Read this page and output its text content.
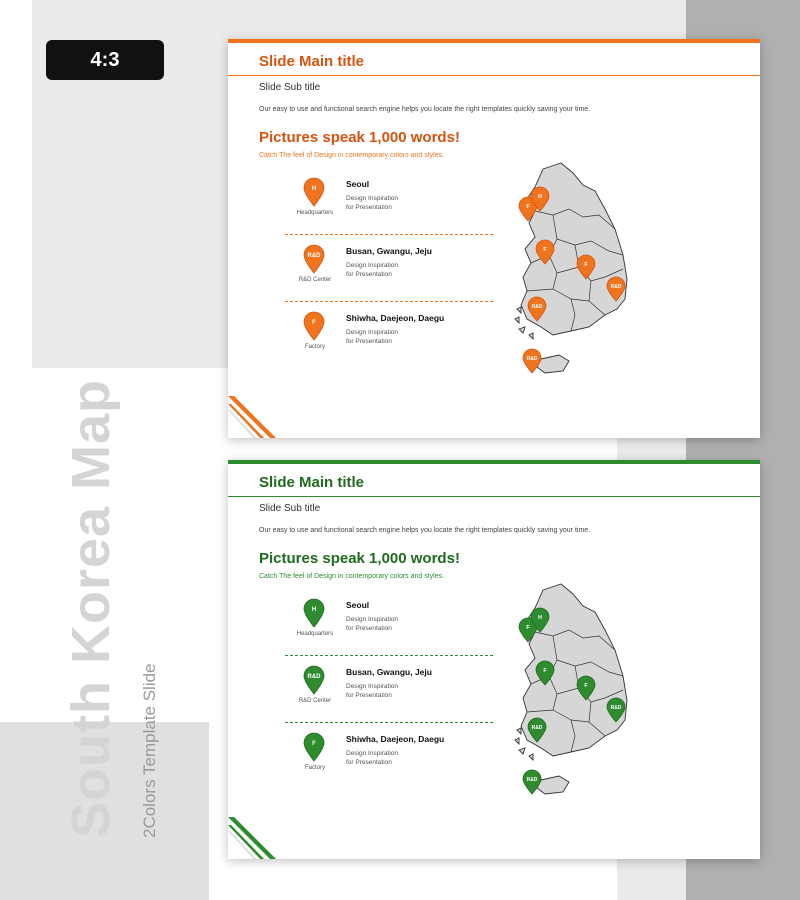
4:3
South Korea Map 2Colors Template Slide
Slide Main title
Slide Sub title
Our easy to use and functional search engine helps you locate the right templates quickly saving your time.
Pictures speak 1,000 words!
Catch The feel of Design in contemporary colors and styles.
H
Headquarters
Seoul
Design Inspiration
for Presentation
R&D
R&D Center
Busan, Gwangu, Jeju
Design Inspiration
for Presentation
F
Factory
Shiwha, Daejeon, Daegu
Design Inspiration
for Presentation
F
H
F
F
R&D
R&D
R&D
Slide Main title
Slide Sub title
Our easy to use and functional search engine helps you locate the right templates quickly saving your time.
Pictures speak 1,000 words!
Catch The feel of Design in contemporary colors and styles.
H
Headquarters
Seoul
Design Inspiration
for Presentation
R&D
R&D Center
Busan, Gwangu, Jeju
Design Inspiration
for Presentation
F
Factory
Shiwha, Daejeon, Daegu
Design Inspiration
for Presentation
F
H
F
F
R&D
R&D
R&D
